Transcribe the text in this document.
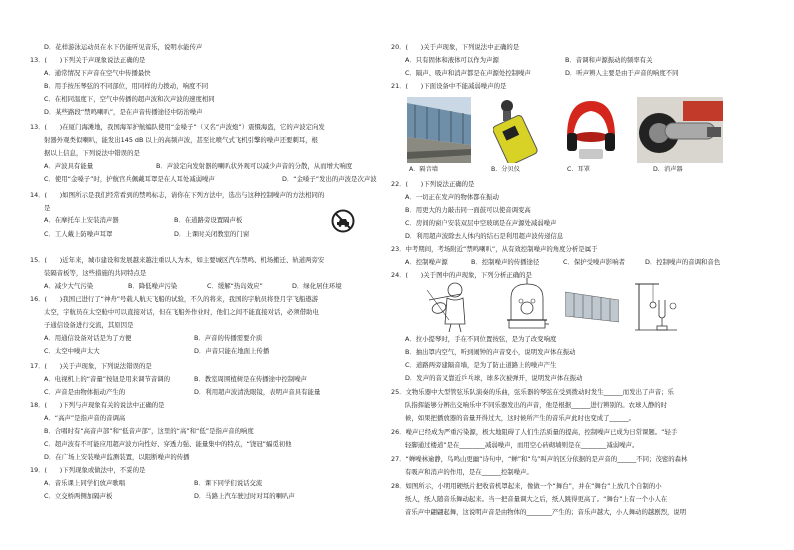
D．花样游泳运动员在水下仍能听见音乐，说明水能传声
13．(　　)下列关于声现象说法正确的是
A．通常情况下声音在空气中传播最快
B．用手按压琴弦的不同部位，用同样的力拨动，响度不同
C．在相同温度下，空气中传播的超声波和次声波的速度相同
D．某些路段“禁鸣喇叭”，是在声音传播途径中防治噪声
13．(　　)在厦门海滩地，我国海军护航编队使用“金嗓子”（又名“声波炮”）震慑海盗，它的声波定向发
射器外观类似喇叭，能发出145 dB 以上的高频声波，甚至比喷气式飞机引擎的噪声还要刺耳，根
据以上信息，下列说法中错误的是
A．声波具有能量	B．声波定向发射器的喇叭状外观可以减少声音的分散，从而增大响度
C．使用“金嗓子”时，护航官兵佩戴耳罩是在人耳处减弱噪声	D．“金嗓子”发出的声波是次声波
14．(　　)如图所示是我们经常看到的禁鸣标志，请你在下列方法中，选出与这种控制噪声的方法相同的
是
A．在摩托车上安装消声器	B．在道路旁设置隔声板
C．工人戴上防噪声耳罩	D．上课时关闭教室的门窗
15．(　　)近年来，城市建设和发展越来越注重以人为本，如主要城区汽车禁鸣、机场搬迁、轨道两旁安
装隔音板等，这些措施的共同特点是
A．减少大气污染	B．降低噪声污染	C．缓解“热岛效应”	D．绿化居住环境
16．(　　)我国已进行了“神舟”号载人航天飞船的试验，不久的将来，我国的宇航员将登月宇飞船遨游
太空，宇航员在太空舱中可以直接对话，但在飞船外作业时，他们之间不能直接对话，必须借助电
子通信设备进行交流，其原因是
A．用通信设备对话是为了方便	B．声音的传播需要介质
C．太空中噪声太大	D．声音只能在地面上传播
17．(　　)关于声现象，下列说法错误的是
A．电视机上的“音量”按钮是用来调节音调的	B．教室周围植树是在传播途中控制噪声
C．声音是由物体振动产生的	D．利用超声波清洗眼镜，表明声音具有能量
18．(　　)下列与声现象有关的说法中正确的是
A．“高声”是指声音的音调高
B．合唱时有“高音声部”和“低音声部”，这里的“高”和“低”是指声音的响度
C．超声波有不可能应用超声波方向性好、穿透力强、能量集中的特点，“饶冠”蝠觅初他
D．在广场上安装噪声监测装置，以阻断噪声的传播
19．(　　)下列现象或做法中，不妥的是
A．音乐课上同学们放声歌唱	B．课下同学们说话交流
C．立交桥两侧加隔声板	D．马路上汽车驶过时对耳的喇叭声
20．(　　)关于声现象，下列说法中正确的是
A．只有固体和液体可以作为声源	B．音调和声源振动的频率有关
C．隔声、吸声和消声都是在声源处控制噪声	D．听声辨人主要是由于声音的响度不同
21．(　　)下面设备中不能减弱噪声的是
A．隔音墙	B．分贝仪	C．耳罩	D．消声器
22．(　　)下列说法正确的是
A．一切正在发声的物体都在振动
B．用更大的力敲击同一面鼓可以使音调变高
C．房间的窗户安装双层中空玻璃是在声源处减弱噪声
D．利用超声波除去人体内的结石是利用超声波传递信息
23．中考期间，考场附近“禁鸣喇叭”，从有效控制噪声的角度分析是属于
A．控制噪声源	B．控制噪声的传播途径	C．保护受噪声影响者	D．控制噪声的音调和音色
24．(　　)关于图中的声现象，下列分析正确的是
A．拉小提琴时，手在不同位置按弦，是为了改变响度
B．抽出罩内空气，听到闹钟的声音变小，说明发声体在振动
C．道路两旁建隔音墙，是为了防止道路上的噪声产生
D．发声的音叉靠近乒乓球，球多次被弹开，说明发声体在振动
25．文物乐器中大型管弦乐队演奏的乐曲，弦乐器的琴弦在受到拨动时发生______而发出了声音；乐
队指挥能够分辨出交响乐中不同乐器发出的声音，他是根据______进行辨别的。农球人静的时
候，如果把播放器的音量开得过大，这时候所产生的音乐声此时也变成了______。
26．噪声已经成为严重污染源，极大地阻碍了人们生活质量的提高，控制噪声已成为日常课题。“轻手
轻脚通过楼道”是在________减弱噪声，而用空心砖砌墙则是在________减弱噪声。
27．“蝉噪林逾静，鸟鸣山更幽”诗句中，“蝉”和“鸟”叫声的区分依据的是声音的______不同；茂密的森林
有吸声和消声的作用，是在______控制噪声。
28．如图所示，小明用硬纸片把收音机罩起来，像做一个“舞台”，并在“舞台”上放几个自制的小
纸人，纸人随音乐舞动起来。当一把音量调大之后，纸人跳得更高了。“舞台”上有一个小人在
音乐声中翩翩起舞，这说明声音是由物体的________产生的；音乐声越大，小人舞动的越剧烈，说明
